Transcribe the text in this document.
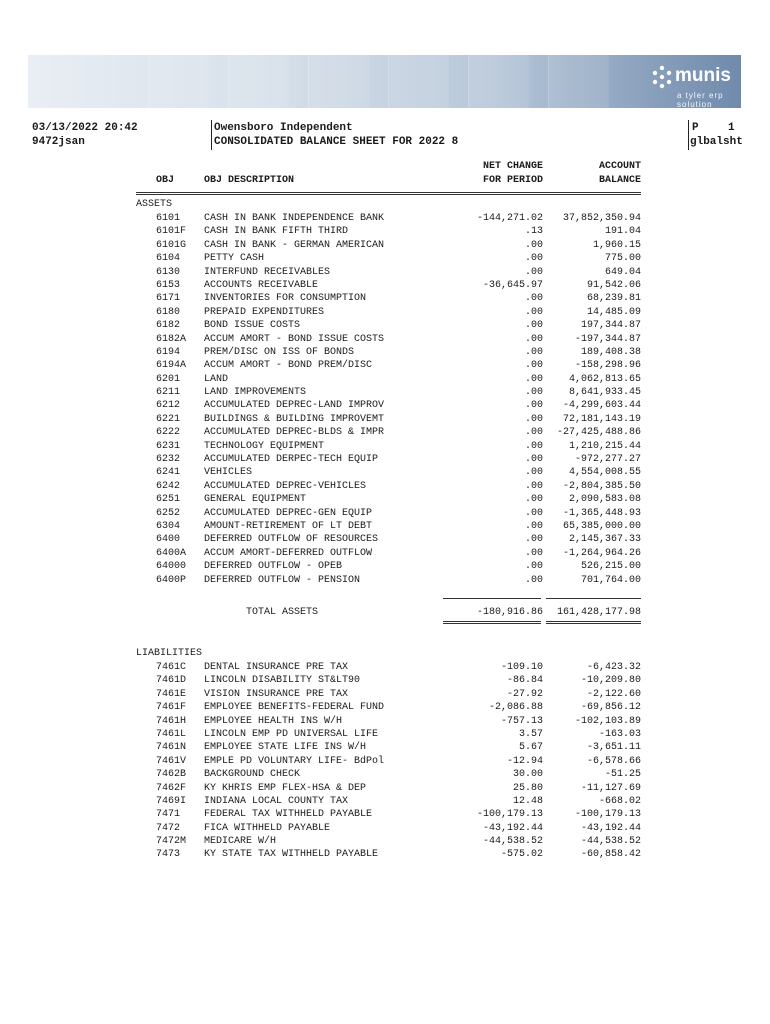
munis
a tyler erp solution
03/13/2022 20:42
9472jsan
Owensboro Independent
CONSOLIDATED BALANCE SHEET FOR 2022 8
P	1
glbalsht
OBJ	OBJ DESCRIPTION
NET CHANGE
FOR PERIOD
ACCOUNT
BALANCE
ASSETS
6101 CASH IN BANK INDEPENDENCE BANK	-144,271.02 37,852,350.94
6101F CASH IN BANK FIFTH THIRD	.13	191.04
6101G CASH IN BANK - GERMAN AMERICAN	.00	1,960.15
6104 PETTY CASH	.00	775.00
6130 INTERFUND RECEIVABLES	.00	649.04
6153 ACCOUNTS RECEIVABLE	-36,645.97	91,542.06
6171 INVENTORIES FOR CONSUMPTION	.00	68,239.81
6180 PREPAID EXPENDITURES	.00	14,485.09
6182 BOND ISSUE COSTS	.00	197,344.87
6182A ACCUM AMORT - BOND ISSUE COSTS	.00	-197,344.87
6194 PREM/DISC ON ISS OF BONDS	.00	189,408.38
6194A ACCUM AMORT - BOND PREM/DISC	.00	-158,298.96
6201 LAND	.00	4,062,813.65
6211 LAND IMPROVEMENTS	.00	8,641,933.45
6212 ACCUMULATED DEPREC-LAND IMPROV	.00 -4,299,603.44
6221 BUILDINGS & BUILDING IMPROVEMT	.00 72,181,143.19
6222 ACCUMULATED DEPREC-BLDS & IMPR	.00 -27,425,488.86
6231 TECHNOLOGY EQUIPMENT	.00	1,210,215.44
6232 ACCUMULATED DERPEC-TECH EQUIP	.00	-972,277.27
6241 VEHICLES	.00	4,554,008.55
6242 ACCUMULATED DEPREC-VEHICLES	.00 -2,804,385.50
6251 GENERAL EQUIPMENT	.00	2,090,583.08
6252 ACCUMULATED DEPREC-GEN EQUIP	.00 -1,365,448.93
6304 AMOUNT-RETIREMENT OF LT DEBT	.00 65,385,000.00
6400 DEFERRED OUTFLOW OF RESOURCES	.00	2,145,367.33
6400A ACCUM AMORT-DEFERRED OUTFLOW	.00 -1,264,964.26
64000 DEFERRED OUTFLOW - OPEB	.00	526,215.00
6400P DEFERRED OUTFLOW - PENSION	.00	701,764.00
TOTAL ASSETS	-180,916.86 161,428,177.98
LIABILITIES
7461C DENTAL INSURANCE PRE TAX	-109.10	-6,423.32
7461D LINCOLN DISABILITY ST&LT90	-86.84	-10,209.80
7461E VISION INSURANCE PRE TAX	-27.92	-2,122.60
7461F EMPLOYEE BENEFITS-FEDERAL FUND	-2,086.88	-69,856.12
7461H EMPLOYEE HEALTH INS W/H	-757.13	-102,103.89
7461L LINCOLN EMP PD UNIVERSAL LIFE	3.57	-163.03
7461N EMPLOYEE STATE LIFE INS W/H	5.67	-3,651.11
7461V EMPLE PD VOLUNTARY LIFE- BdPol	-12.94	-6,578.66
7462B BACKGROUND CHECK	30.00	-51.25
7462F KY KHRIS EMP FLEX-HSA & DEP	25.80	-11,127.69
7469I INDIANA LOCAL COUNTY TAX	12.48	-668.02
7471 FEDERAL TAX WITHHELD PAYABLE	-100,179.13	-100,179.13
7472 FICA WITHHELD PAYABLE	-43,192.44	-43,192.44
7472M MEDICARE W/H	-44,538.52	-44,538.52
7473 KY STATE TAX WITHHELD PAYABLE	-575.02	-60,858.42
